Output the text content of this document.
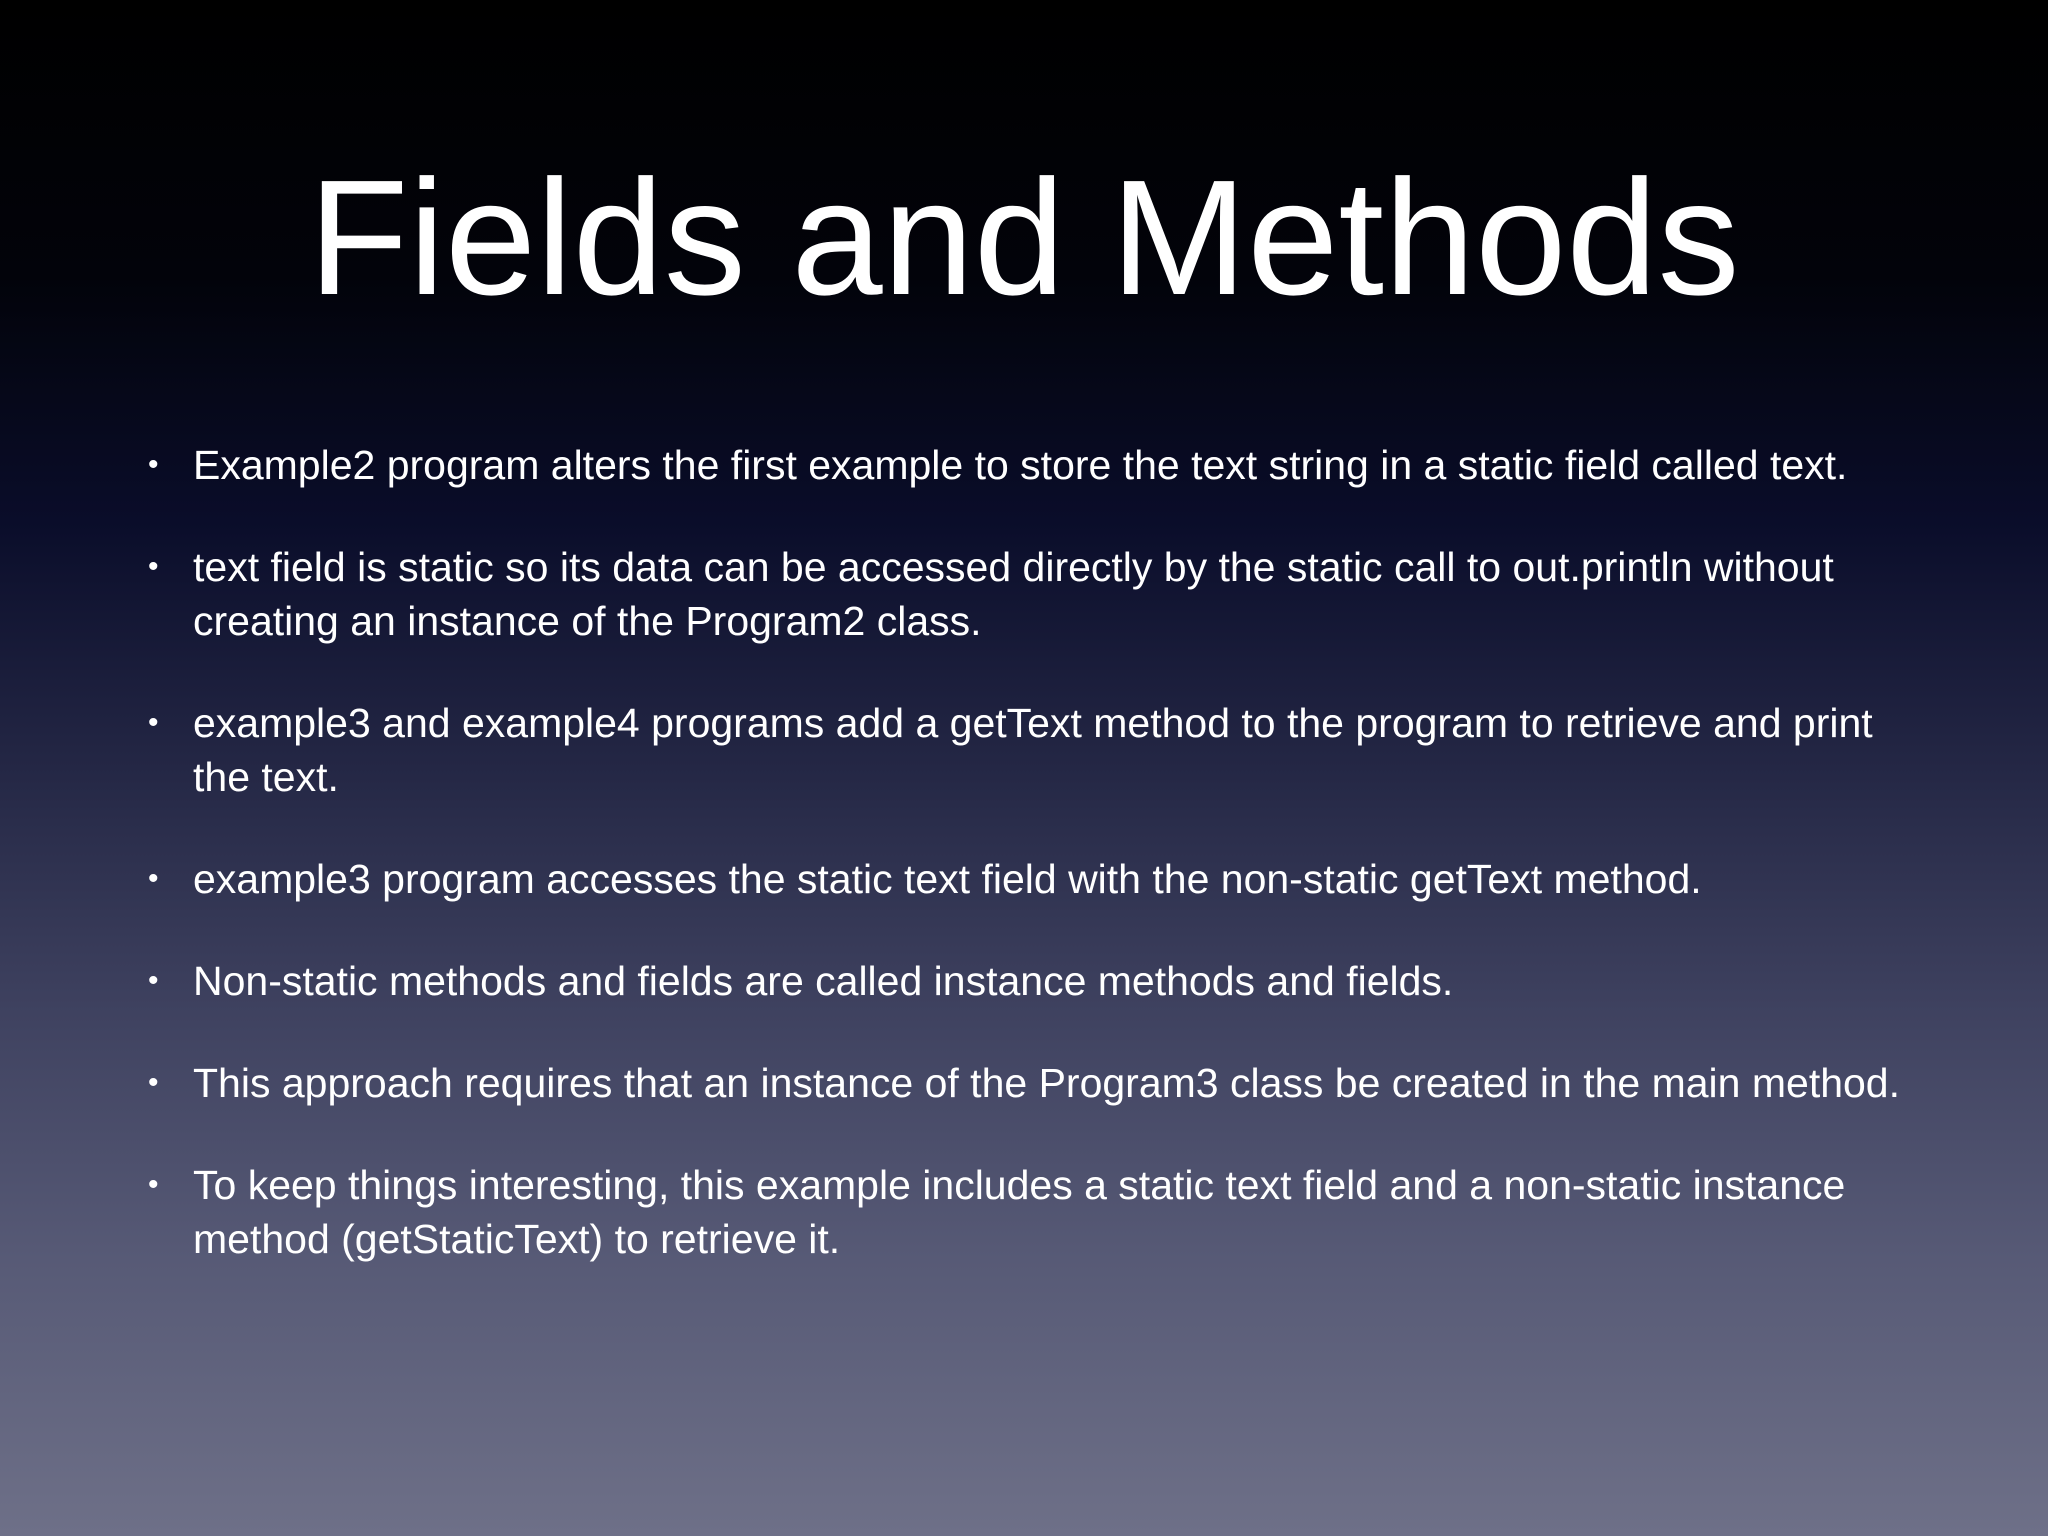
Fields and Methods
• Example2 program alters the first example to store the text string in a static field called text.
• text field is static so its data can be accessed directly by the static call to out.println without creating an instance of the Program2 class.
• example3 and example4 programs add a getText method to the program to retrieve and print the text.
• example3 program accesses the static text field with the non-static getText method.
• Non-static methods and fields are called instance methods and fields.
• This approach requires that an instance of the Program3 class be created in the main method.
• To keep things interesting, this example includes a static text field and a non-static instance method (getStaticText) to retrieve it.
